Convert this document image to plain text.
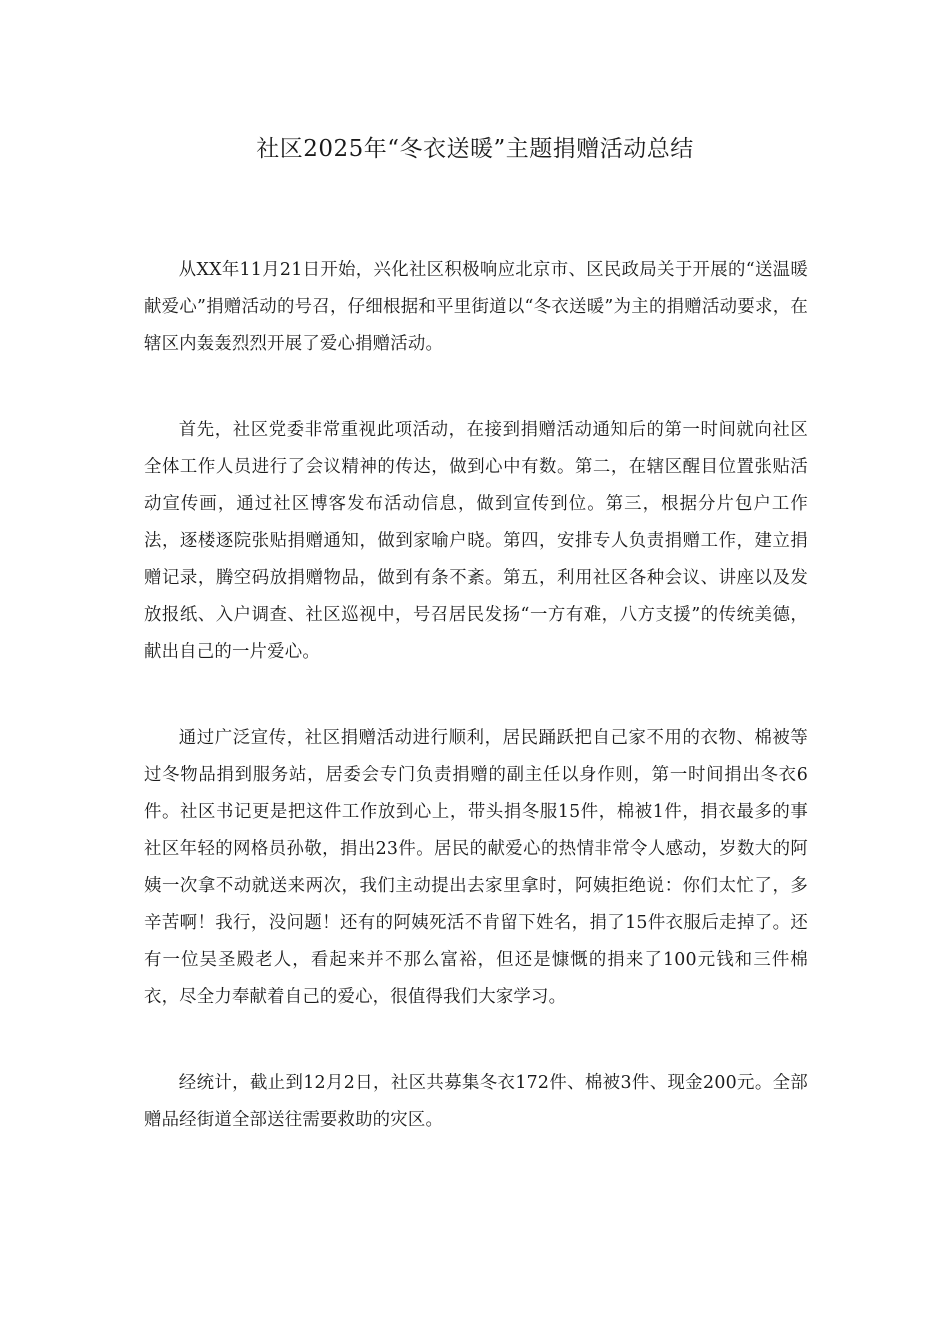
社区2025年“冬衣送暖”主题捐赠活动总结

从XX年11月21日开始，兴化社区积极响应北京市、区民政局关于开展的“送温暖 献爱心”捐赠活动的号召，仔细根据和平里街道以“冬衣送暖”为主的捐赠活动要求，在辖区内轰轰烈烈开展了爱心捐赠活动。

首先，社区党委非常重视此项活动，在接到捐赠活动通知后的第一时间就向社区全体工作人员进行了会议精神的传达，做到心中有数。第二，在辖区醒目位置张贴活动宣传画，通过社区博客发布活动信息，做到宣传到位。第三，根据分片包户工作法，逐楼逐院张贴捐赠通知，做到家喻户晓。第四，安排专人负责捐赠工作，建立捐赠记录，腾空码放捐赠物品，做到有条不紊。第五，利用社区各种会议、讲座以及发放报纸、入户调查、社区巡视中，号召居民发扬“一方有难，八方支援”的传统美德，献出自己的一片爱心。

通过广泛宣传，社区捐赠活动进行顺利，居民踊跃把自己家不用的衣物、棉被等过冬物品捐到服务站，居委会专门负责捐赠的副主任以身作则，第一时间捐出冬衣6件。社区书记更是把这件工作放到心上，带头捐冬服15件，棉被1件，捐衣最多的事社区年轻的网格员孙敬，捐出23件。居民的献爱心的热情非常令人感动，岁数大的阿姨一次拿不动就送来两次，我们主动提出去家里拿时，阿姨拒绝说：你们太忙了，多辛苦啊！我行，没问题！还有的阿姨死活不肯留下姓名，捐了15件衣服后走掉了。还有一位吴圣殿老人，看起来并不那么富裕，但还是慷慨的捐来了100元钱和三件棉衣，尽全力奉献着自己的爱心，很值得我们大家学习。

经统计，截止到12月2日，社区共募集冬衣172件、棉被3件、现金200元。全部赠品经街道全部送往需要救助的灾区。
